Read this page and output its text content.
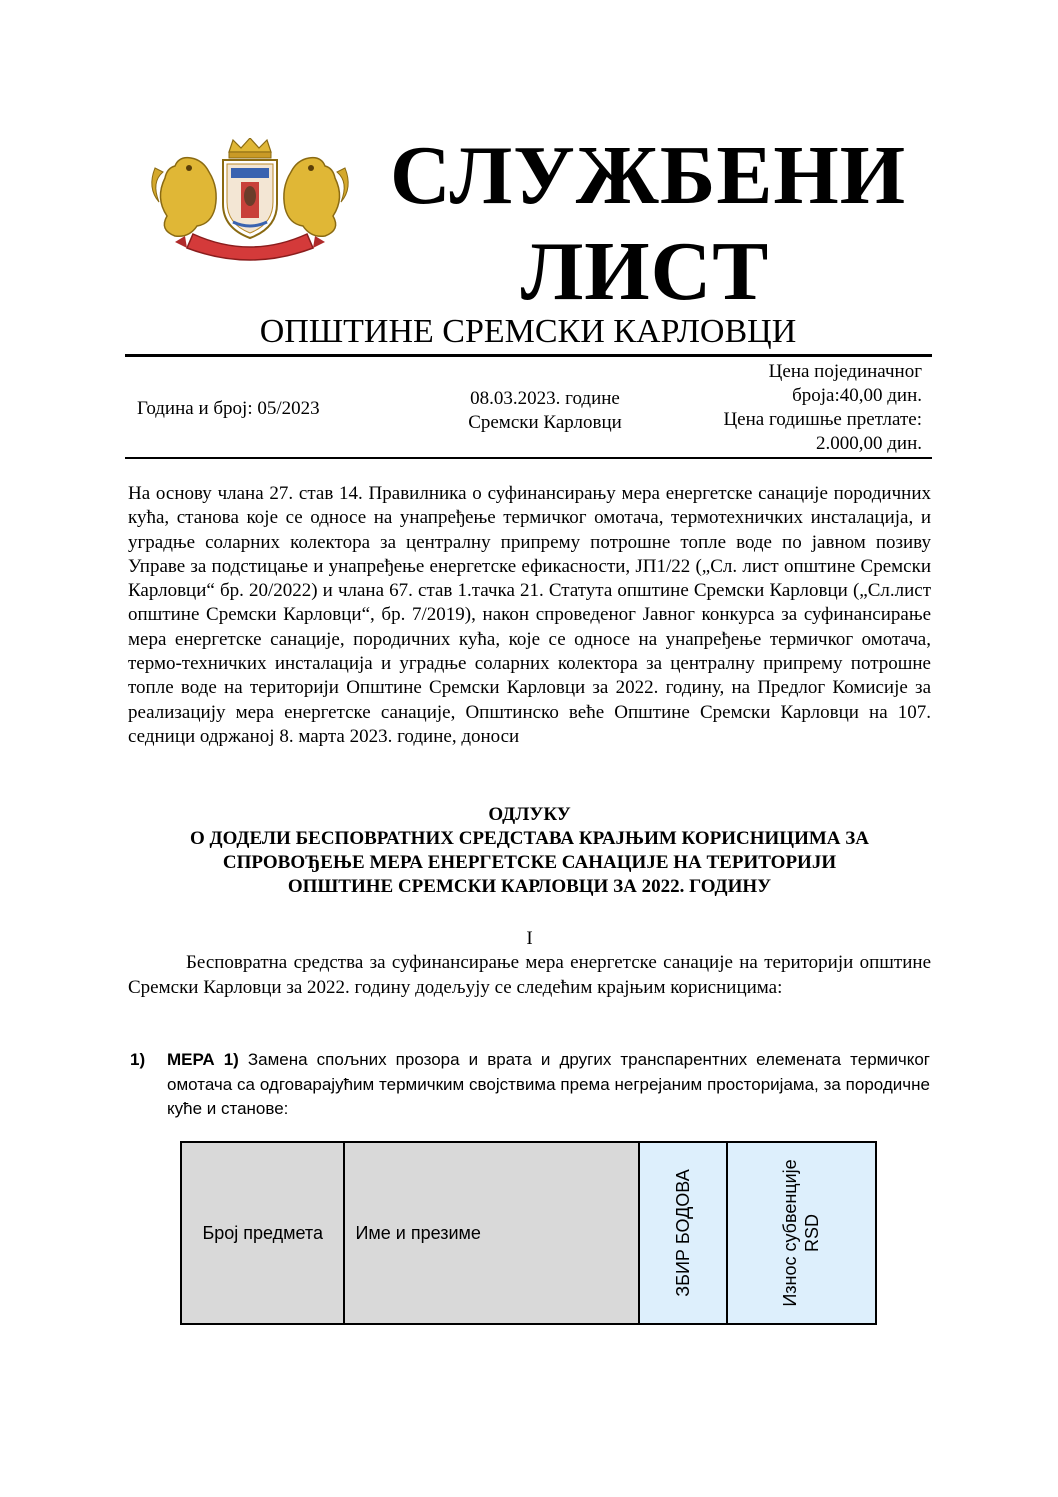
СЛУЖБЕНИ
ЛИСТ
ОПШТИНЕ СРЕМСКИ КАРЛОВЦИ
Година и број: 05/2023	08.03.2023. године
Сремски Карловци
Цена појединачног
броја:40,00 дин.
Цена годишње претлате:
2.000,00 дин.
На основу члана 27. став 14. Правилника о суфинансирању мера енергетске санације породичних кућа, станова које се односе на унапређење термичког омотача, термотехничких инсталација, и уградње соларних колектора за централну припрему потрошне топле воде по јавном позиву Управе за подстицање и унапређење енергетске ефикасности, ЈП1/22 („Сл. лист општине Сремски Карловци“ бр. 20/2022) и члана 67. став 1.тачка 21. Статута општине Сремски Карловци („Сл.лист општине Сремски Карловци“, бр. 7/2019), након спроведеног Јавног конкурса за суфинансирање мера енергетске санације, породичних кућа, које се односе на унапређење термичког омотача, термо-техничких инсталација и уградње соларних колектора за централну припрему потрошне топле воде на територији Општине Сремски Карловци за 2022. годину, на Предлог Комисије за реализацију мера енергетске санације, Општинско веће Општине Сремски Карловци на 107. седници одржаној 8. марта 2023. године, доноси
ОДЛУКУ
О ДОДЕЛИ БЕСПОВРАТНИХ СРЕДСТАВА КРАЈЊИМ КОРИСНИЦИМА ЗА
СПРОВОЂЕЊЕ МЕРА ЕНЕРГЕТСКЕ САНАЦИЈЕ НА ТЕРИТОРИЈИ
ОПШТИНЕ СРЕМСКИ КАРЛОВЦИ ЗА 2022. ГОДИНУ
I
Бесповратна средства за суфинансирање мера енергетске санације на територији општине Сремски Карловци за 2022. годину додељују се следећим крајњим корисницима:
1) МЕРА 1) Замена спољних прозора и врата и других транспарентних елемената термичког омотача са одговарајућим термичким својствима према негрејаним просторијама, за породичне куће и станове:
Број предмета	Име и презиме	ЗБИР БОДОВА	Износ субвенције RSD
